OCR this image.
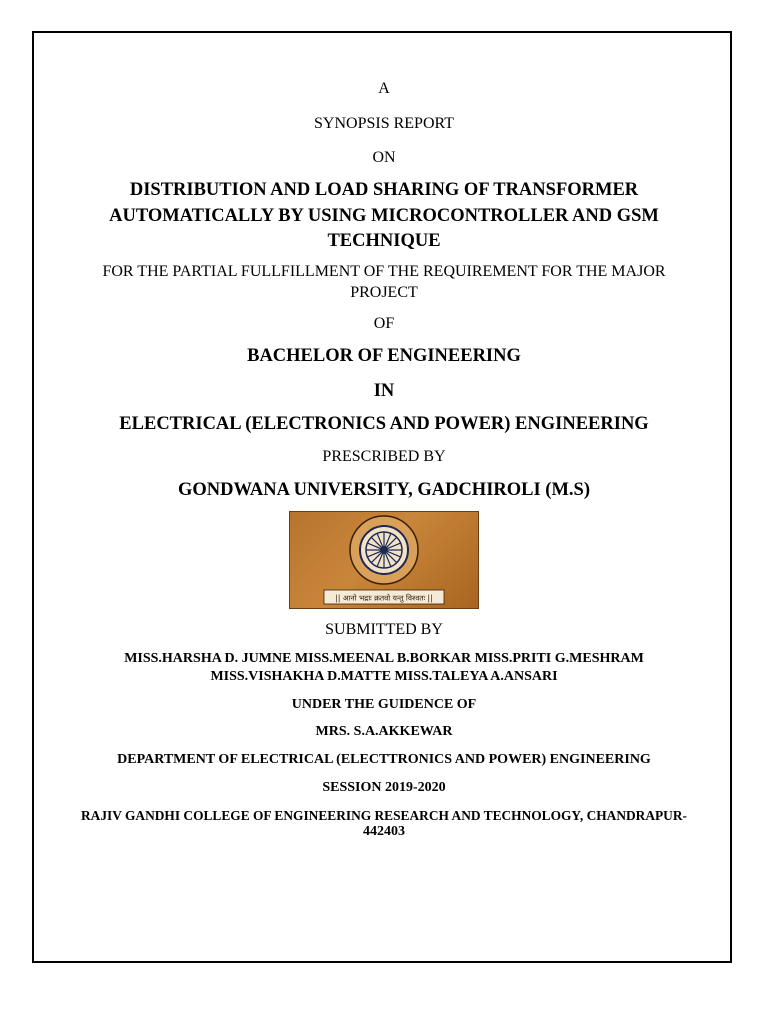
A
SYNOPSIS REPORT
ON
DISTRIBUTION AND LOAD SHARING OF TRANSFORMER
AUTOMATICALLY BY USING MICROCONTROLLER AND GSM
TECHNIQUE
FOR THE PARTIAL FULLFILLMENT OF THE REQUIREMENT FOR THE MAJOR
PROJECT
OF
BACHELOR OF ENGINEERING
IN
ELECTRICAL (ELECTRONICS AND POWER) ENGINEERING
PRESCRIBED BY
GONDWANA UNIVERSITY, GADCHIROLI (M.S)
|| आनो भद्राः क्रतवो यन्तु विश्वतः ||
SUBMITTED BY
MISS.HARSHA D. JUMNE MISS.MEENAL B.BORKAR MISS.PRITI G.MESHRAM
MISS.VISHAKHA D.MATTE MISS.TALEYA A.ANSARI
UNDER THE GUIDENCE OF
MRS. S.A.AKKEWAR
DEPARTMENT OF ELECTRICAL (ELECTTRONICS AND POWER) ENGINEERING
SESSION 2019-2020
RAJIV GANDHI COLLEGE OF ENGINEERING RESEARCH AND TECHNOLOGY, CHANDRAPUR-
442403
